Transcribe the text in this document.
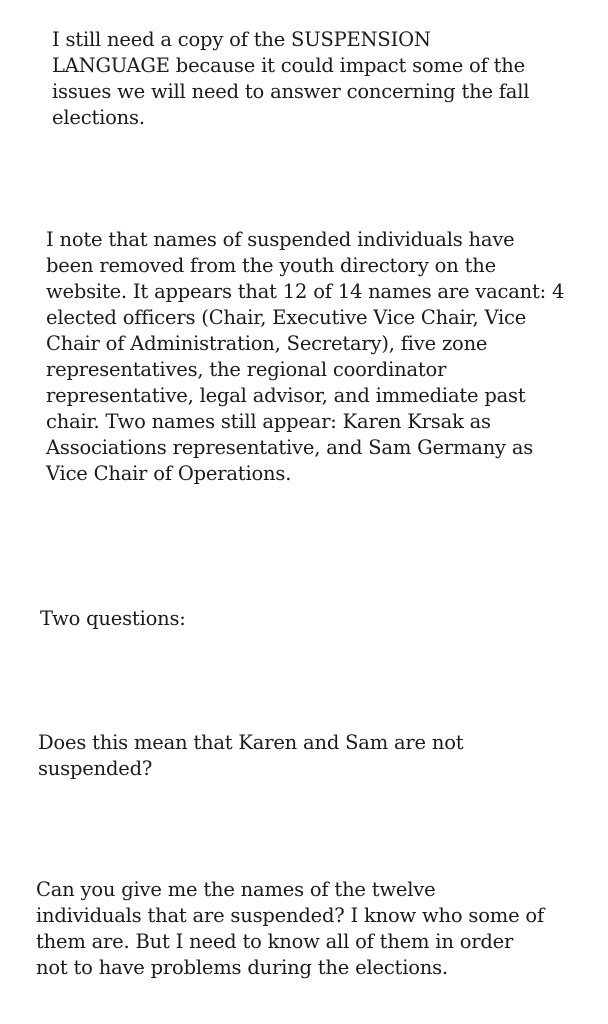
I still need a copy of the SUSPENSION
LANGUAGE because it could impact some of the
issues we will need to answer concerning the fall
elections.

I note that names of suspended individuals have
been removed from the youth directory on the
website. It appears that 12 of 14 names are vacant: 4
elected officers (Chair, Executive Vice Chair, Vice
Chair of Administration, Secretary), five zone
representatives, the regional coordinator
representative, legal advisor, and immediate past
chair. Two names still appear: Karen Krsak as
Associations representative, and Sam Germany as
Vice Chair of Operations.

Two questions:

Does this mean that Karen and Sam are not
suspended?

Can you give me the names of the twelve
individuals that are suspended? I know who some of
them are. But I need to know all of them in order
not to have problems during the elections.
